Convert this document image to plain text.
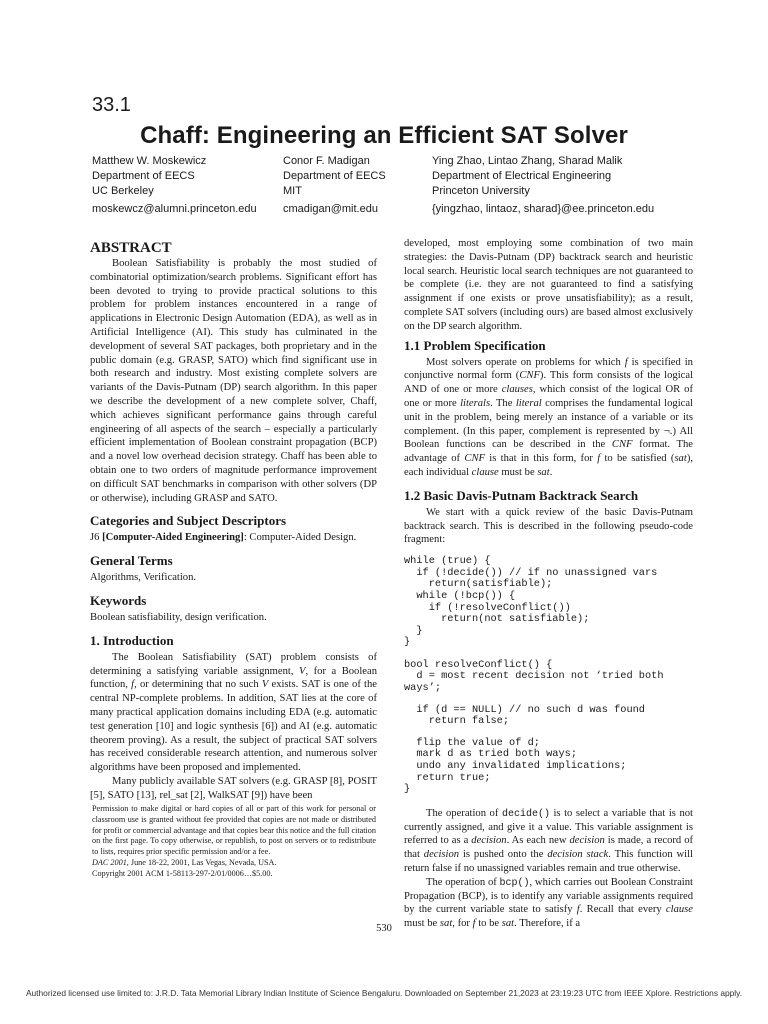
33.1
Chaff: Engineering an Efficient SAT Solver
Matthew W. Moskewicz
Department of EECS
UC Berkeley
moskewcz@alumni.princeton.edu
Conor F. Madigan
Department of EECS
MIT
cmadigan@mit.edu
Ying Zhao, Lintao Zhang, Sharad Malik
Department of Electrical Engineering
Princeton University
{yingzhao, lintaoz, sharad}@ee.princeton.edu
ABSTRACT

Boolean Satisfiability is probably the most studied of combinatorial optimization/search problems. Significant effort has been devoted to trying to provide practical solutions to this problem for problem instances encountered in a range of applications in Electronic Design Automation (EDA), as well as in Artificial Intelligence (AI). This study has culminated in the development of several SAT packages, both proprietary and in the public domain (e.g. GRASP, SATO) which find significant use in both research and industry. Most existing complete solvers are variants of the Davis-Putnam (DP) search algorithm. In this paper we describe the development of a new complete solver, Chaff, which achieves significant performance gains through careful engineering of all aspects of the search – especially a particularly efficient implementation of Boolean constraint propagation (BCP) and a novel low overhead decision strategy. Chaff has been able to obtain one to two orders of magnitude performance improvement on difficult SAT benchmarks in comparison with other solvers (DP or otherwise), including GRASP and SATO.

Categories and Subject Descriptors

J6 [Computer-Aided Engineering]: Computer-Aided Design.

General Terms

Algorithms, Verification.

Keywords

Boolean satisfiability, design verification.

1. Introduction

The Boolean Satisfiability (SAT) problem consists of determining a satisfying variable assignment, V, for a Boolean function, f, or determining that no such V exists. SAT is one of the central NP-complete problems. In addition, SAT lies at the core of many practical application domains including EDA (e.g. automatic test generation [10] and logic synthesis [6]) and AI (e.g. automatic theorem proving). As a result, the subject of practical SAT solvers has received considerable research attention, and numerous solver algorithms have been proposed and implemented.

Many publicly available SAT solvers (e.g. GRASP [8], POSIT [5], SATO [13], rel_sat [2], WalkSAT [9]) have been

Permission to make digital or hard copies of all or part of this work for personal or classroom use is granted without fee provided that copies are not made or distributed for profit or commercial advantage and that copies bear this notice and the full citation on the first page. To copy otherwise, or republish, to post on servers or to redistribute to lists, requires prior specific permission and/or a fee.
DAC 2001, June 18-22, 2001, Las Vegas, Nevada, USA.
Copyright 2001 ACM 1-58113-297-2/01/0006…$5.00.

developed, most employing some combination of two main strategies: the Davis-Putnam (DP) backtrack search and heuristic local search. Heuristic local search techniques are not guaranteed to be complete (i.e. they are not guaranteed to find a satisfying assignment if one exists or prove unsatisfiability); as a result, complete SAT solvers (including ours) are based almost exclusively on the DP search algorithm.

1.1 Problem Specification

Most solvers operate on problems for which f is specified in conjunctive normal form (CNF). This form consists of the logical AND of one or more clauses, which consist of the logical OR of one or more literals. The literal comprises the fundamental logical unit in the problem, being merely an instance of a variable or its complement. (In this paper, complement is represented by ¬.) All Boolean functions can be described in the CNF format. The advantage of CNF is that in this form, for f to be satisfied (sat), each individual clause must be sat.

1.2 Basic Davis-Putnam Backtrack Search

We start with a quick review of the basic Davis-Putnam backtrack search. This is described in the following pseudo-code fragment:

while (true) {
if (!decide()) // if no unassigned vars
return(satisfiable);
while (!bcp()) {
if (!resolveConflict())
return(not satisfiable);
}
}
bool resolveConflict() {
d = most recent decision not ‘tried both
ways’;
if (d == NULL) // no such d was found
return false;
flip the value of d;
mark d as tried both ways;
undo any invalidated implications;
return true;
}

The operation of decide() is to select a variable that is not currently assigned, and give it a value. This variable assignment is referred to as a decision. As each new decision is made, a record of that decision is pushed onto the decision stack. This function will return false if no unassigned variables remain and true otherwise.

The operation of bcp(), which carries out Boolean Constraint Propagation (BCP), is to identify any variable assignments required by the current variable state to satisfy f. Recall that every clause must be sat, for f to be sat. Therefore, if a

530
Authorized licensed use limited to: J.R.D. Tata Memorial Library Indian Institute of Science Bengaluru. Downloaded on September 21,2023 at 23:19:23 UTC from IEEE Xplore. Restrictions apply.
